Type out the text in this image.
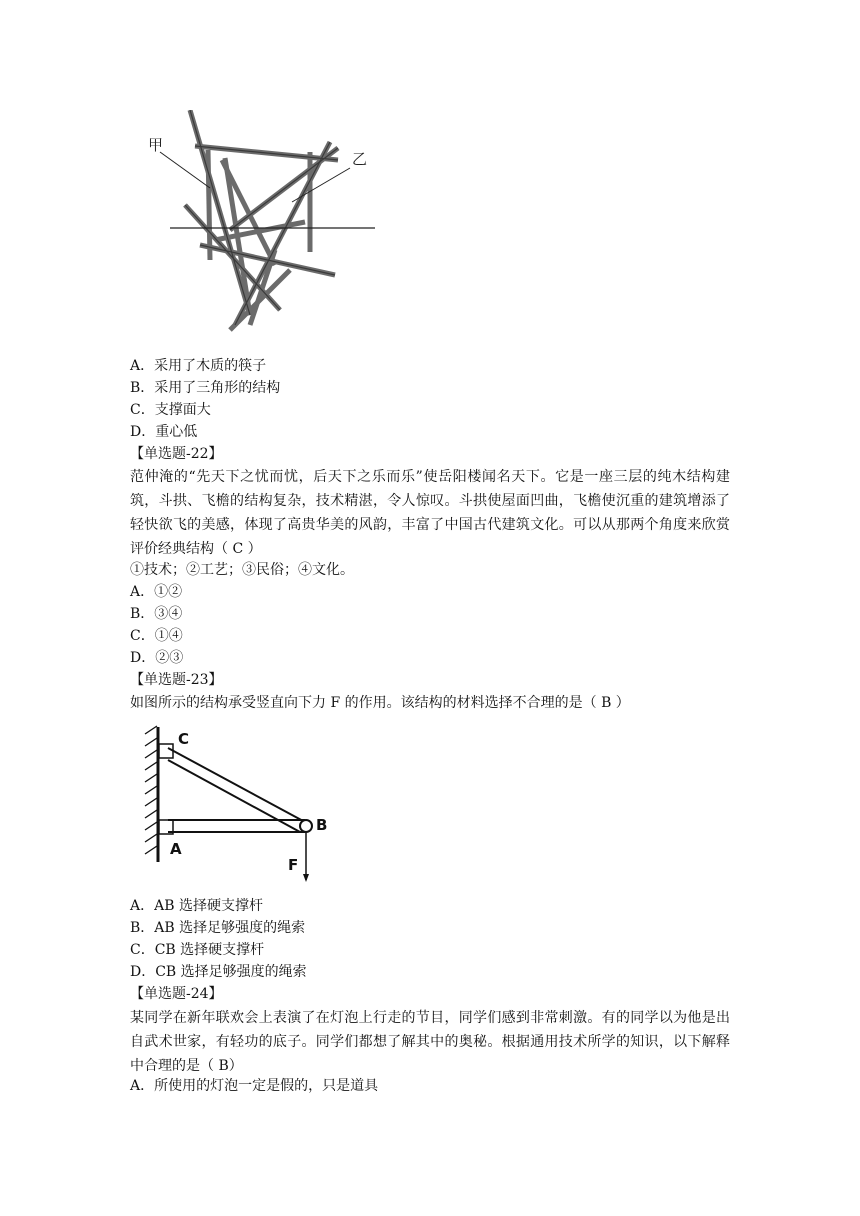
甲
乙
A．采用了木质的筷子
B．采用了三角形的结构
C．支撑面大
D．重心低
【单选题-22】
范仲淹的“先天下之忧而忧，后天下之乐而乐”使岳阳楼闻名天下。它是一座三层的纯木结构建筑，斗拱、飞檐的结构复杂，技术精湛，令人惊叹。斗拱使屋面凹曲，飞檐使沉重的建筑增添了轻快欲飞的美感，体现了高贵华美的风韵，丰富了中国古代建筑文化。可以从那两个角度来欣赏评价经典结构（ C ）
①技术；②工艺；③民俗；④文化。
A．①②
B．③④
C．①④
D．②③
【单选题-23】
如图所示的结构承受竖直向下力 F 的作用。该结构的材料选择不合理的是（ B ）
C
A
B
F
A．AB 选择硬支撑杆
B．AB 选择足够强度的绳索
C．CB 选择硬支撑杆
D．CB 选择足够强度的绳索
【单选题-24】
某同学在新年联欢会上表演了在灯泡上行走的节目，同学们感到非常刺激。有的同学以为他是出自武术世家，有轻功的底子。同学们都想了解其中的奥秘。根据通用技术所学的知识，以下解释中合理的是（ B）
A．所使用的灯泡一定是假的，只是道具
